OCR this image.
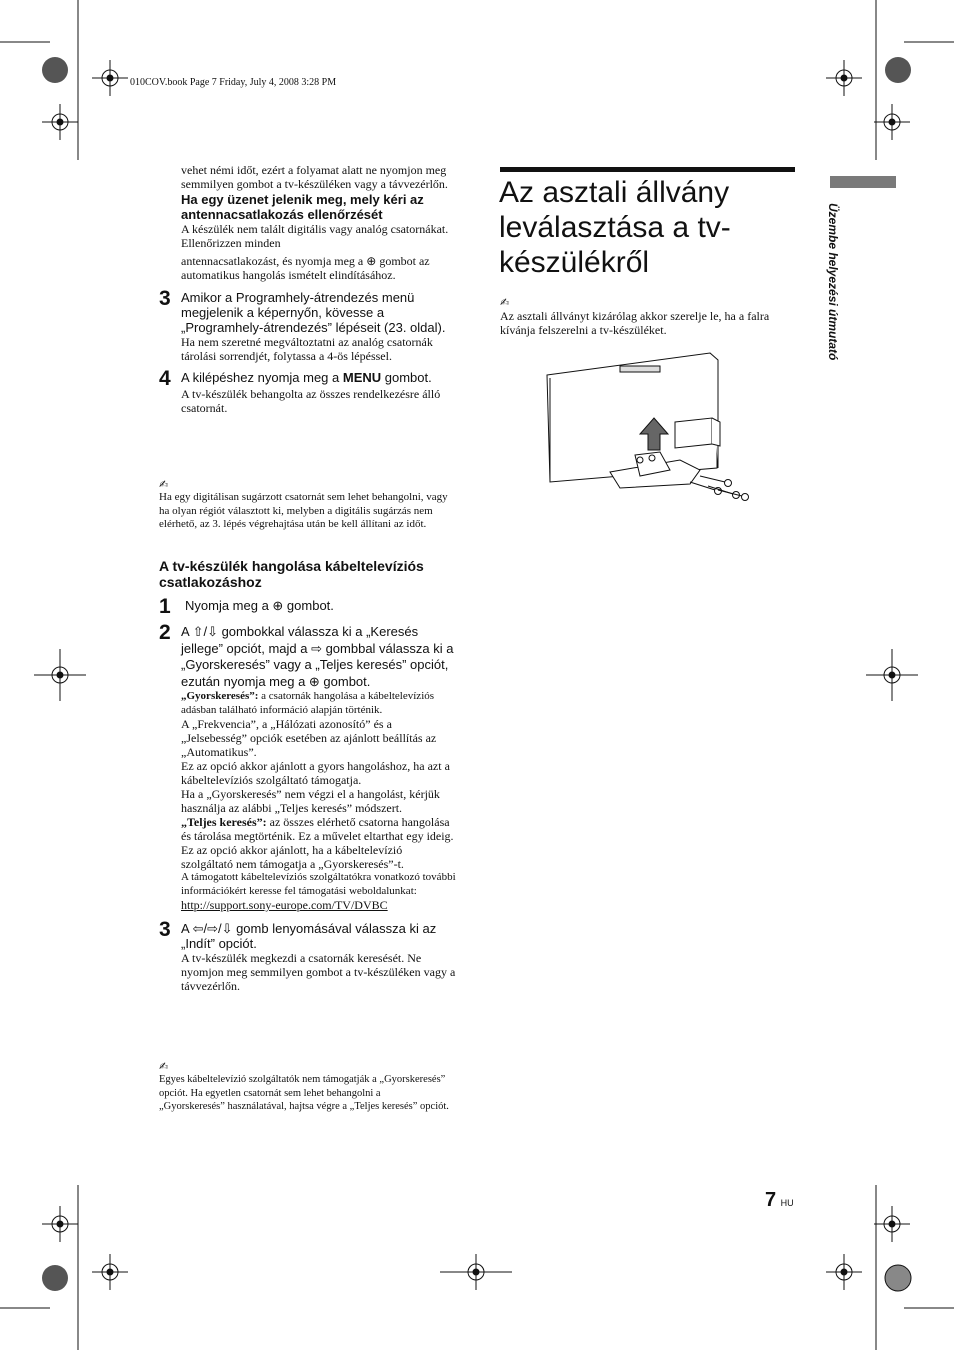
010COV.book Page 7 Friday, July 4, 2008 3:28 PM
Üzembe helyezési útmutató

vehet némi időt, ezért a folyamat alatt ne nyomjon meg semmilyen gombot a tv-készüléken vagy a távvezérlőn.

Ha egy üzenet jelenik meg, mely kéri az antennacsatlakozás ellenőrzését

A készülék nem talált digitális vagy analóg csatornákat. Ellenőrizzen minden

antennacsatlakozást, és nyomja meg a ⊕ gombot az automatikus hangolás ismételt elindításához.

3 Amikor a Programhely-átrendezés menü megjelenik a képernyőn, kövesse a „Programhely-átrendezés” lépéseit (23. oldal).

Ha nem szeretné megváltoztatni az analóg csatornák tárolási sorrendjét, folytassa a 4-ös lépéssel.

4 A kilépéshez nyomja meg a MENU gombot.

A tv-készülék behangolta az összes rendelkezésre álló csatornát.

✍

Ha egy digitálisan sugárzott csatornát sem lehet behangolni, vagy ha olyan régiót választott ki, melyben a digitális sugárzás nem elérhető, az 3. lépés végrehajtása után be kell állítani az időt.

A tv-készülék hangolása kábeltelevíziós csatlakozáshoz

1	Nyomja meg a ⊕ gombot.

2 A ⇧/⇩ gombokkal válassza ki a „Keresés jellege” opciót, majd a ⇨ gombbal válassza ki a „Gyorskeresés” vagy a „Teljes keresés” opciót, ezután nyomja meg a ⊕ gombot.

„Gyorskeresés”: a csatornák hangolása a kábeltelevíziós adásban található információ alapján történik.

A „Frekvencia”, a „Hálózati azonosító” és a „Jelsebesség” opciók esetében az ajánlott beállítás az „Automatikus”.

Ez az opció akkor ajánlott a gyors hangoláshoz, ha azt a kábeltelevíziós szolgáltató támogatja.

Ha a „Gyorskeresés” nem végzi el a hangolást, kérjük használja az alábbi „Teljes keresés” módszert.

„Teljes keresés”: az összes elérhető csatorna hangolása és tárolása megtörténik. Ez a művelet eltarthat egy ideig.

Ez az opció akkor ajánlott, ha a kábeltelevízió szolgáltató nem támogatja a „Gyorskeresés”-t.

A támogatott kábeltelevíziós szolgáltatókra vonatkozó további információkért keresse fel támogatási weboldalunkat:

http://support.sony-europe.com/TV/DVBC

3 A ⇦/⇨/⇩ gomb lenyomásával válassza ki az „Indít” opciót.

A tv-készülék megkezdi a csatornák keresését. Ne nyomjon meg semmilyen gombot a tv-készüléken vagy a távvezérlőn.

✍

Egyes kábeltelevízió szolgáltatók nem támogatják a „Gyorskeresés” opciót. Ha egyetlen csatornát sem lehet behangolni a „Gyorskeresés” használatával, hajtsa végre a „Teljes keresés” opciót.

Az asztali állvány leválasztása a tv-készülékről
✍

Az asztali állványt kizárólag akkor szerelje le, ha a falra kívánja felszerelni a tv-készüléket.

7 HU
